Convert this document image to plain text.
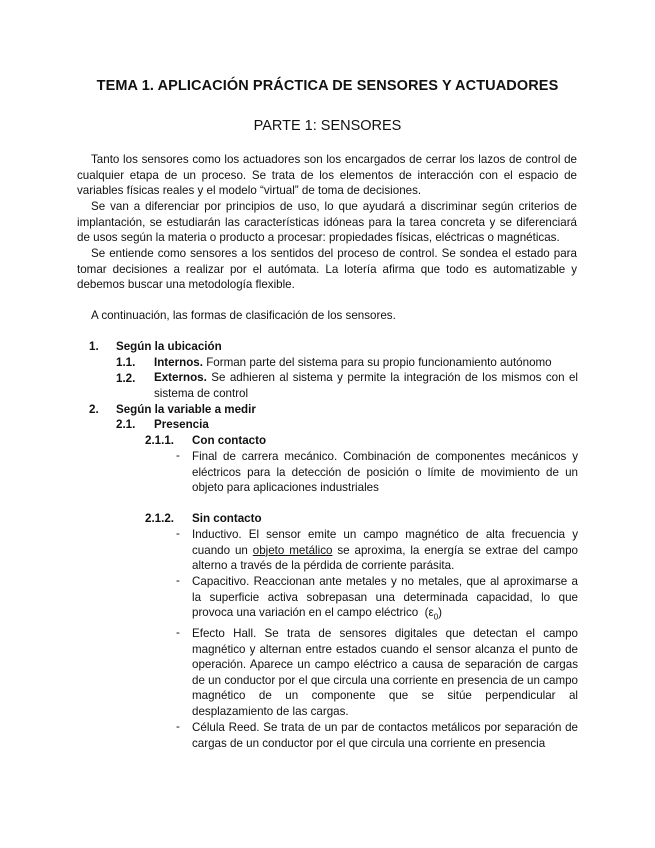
TEMA 1. APLICACIÓN PRÁCTICA DE SENSORES Y ACTUADORES
PARTE 1: SENSORES

Tanto los sensores como los actuadores son los encargados de cerrar los lazos de control de cualquier etapa de un proceso. Se trata de los elementos de interacción con el espacio de variables físicas reales y el modelo “virtual” de toma de decisiones.

Se van a diferenciar por principios de uso, lo que ayudará a discriminar según criterios de implantación, se estudiarán las características idóneas para la tarea concreta y se diferenciará de usos según la materia o producto a procesar: propiedades físicas, eléctricas o magnéticas.

Se entiende como sensores a los sentidos del proceso de control. Se sondea el estado para tomar decisiones a realizar por el autómata. La lotería afirma que todo es automatizable y debemos buscar una metodología flexible.

A continuación, las formas de clasificación de los sensores.

1. Según la ubicación
1.1. Internos. Forman parte del sistema para su propio funcionamiento autónomo
1.2. Externos. Se adhieren al sistema y permite la integración de los mismos con el sistema de control
2. Según la variable a medir
2.1. Presencia
2.1.1. Con contacto
- Final de carrera mecánico. Combinación de componentes mecánicos y eléctricos para la detección de posición o límite de movimiento de un objeto para aplicaciones industriales
2.1.2. Sin contacto
- Inductivo. El sensor emite un campo magnético de alta frecuencia y cuando un objeto metálico se aproxima, la energía se extrae del campo alterno a través de la pérdida de corriente parásita.
- Capacitivo. Reaccionan ante metales y no metales, que al aproximarse a la superficie activa sobrepasan una determinada capacidad, lo que provoca una variación en el campo eléctrico $(\varepsilon_0)$
- Efecto Hall. Se trata de sensores digitales que detectan el campo magnético y alternan entre estados cuando el sensor alcanza el punto de operación. Aparece un campo eléctrico a causa de separación de cargas de un conductor por el que circula una corriente en presencia de un campo magnético de un componente que se sitúe perpendicular al desplazamiento de las cargas.
- Célula Reed. Se trata de un par de contactos metálicos por separación de cargas de un conductor por el que circula una corriente en presencia
